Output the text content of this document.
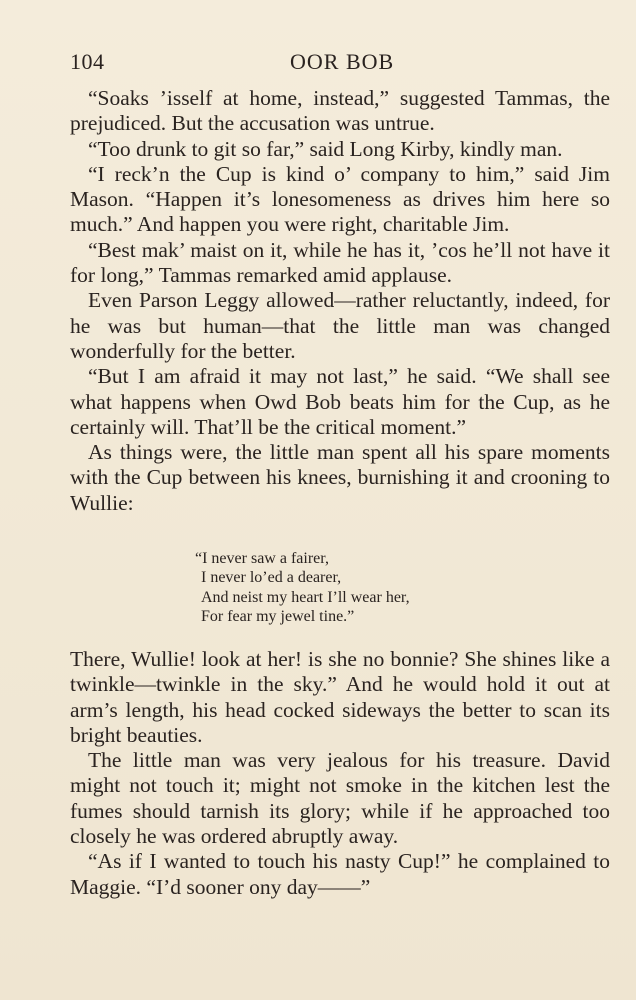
104	OOR BOB

“Soaks ’isself at home, instead,” suggested Tammas, the prejudiced. But the accusation was untrue.

“Too drunk to git so far,” said Long Kirby, kindly man.

“I reck’n the Cup is kind o’ company to him,” said Jim Mason. “Happen it’s lonesomeness as drives him here so much.” And happen you were right, charitable Jim.

“Best mak’ maist on it, while he has it, ’cos he’ll not have it for long,” Tammas remarked amid applause.

Even Parson Leggy allowed—rather reluctantly, indeed, for he was but human—that the little man was changed wonderfully for the better.

“But I am afraid it may not last,” he said. “We shall see what happens when Owd Bob beats him for the Cup, as he certainly will. That’ll be the critical moment.”

As things were, the little man spent all his spare moments with the Cup between his knees, burnishing it and crooning to Wullie:

“I never saw a fairer,
I never lo’ed a dearer,
And neist my heart I’ll wear her,
For fear my jewel tine.”

There, Wullie! look at her! is she no bonnie? She shines like a twinkle—twinkle in the sky.” And he would hold it out at arm’s length, his head cocked sideways the better to scan its bright beauties.

The little man was very jealous for his treasure. David might not touch it; might not smoke in the kitchen lest the fumes should tarnish its glory; while if he approached too closely he was ordered abruptly away.

“As if I wanted to touch his nasty Cup!” he complained to Maggie. “I’d sooner ony day——”
